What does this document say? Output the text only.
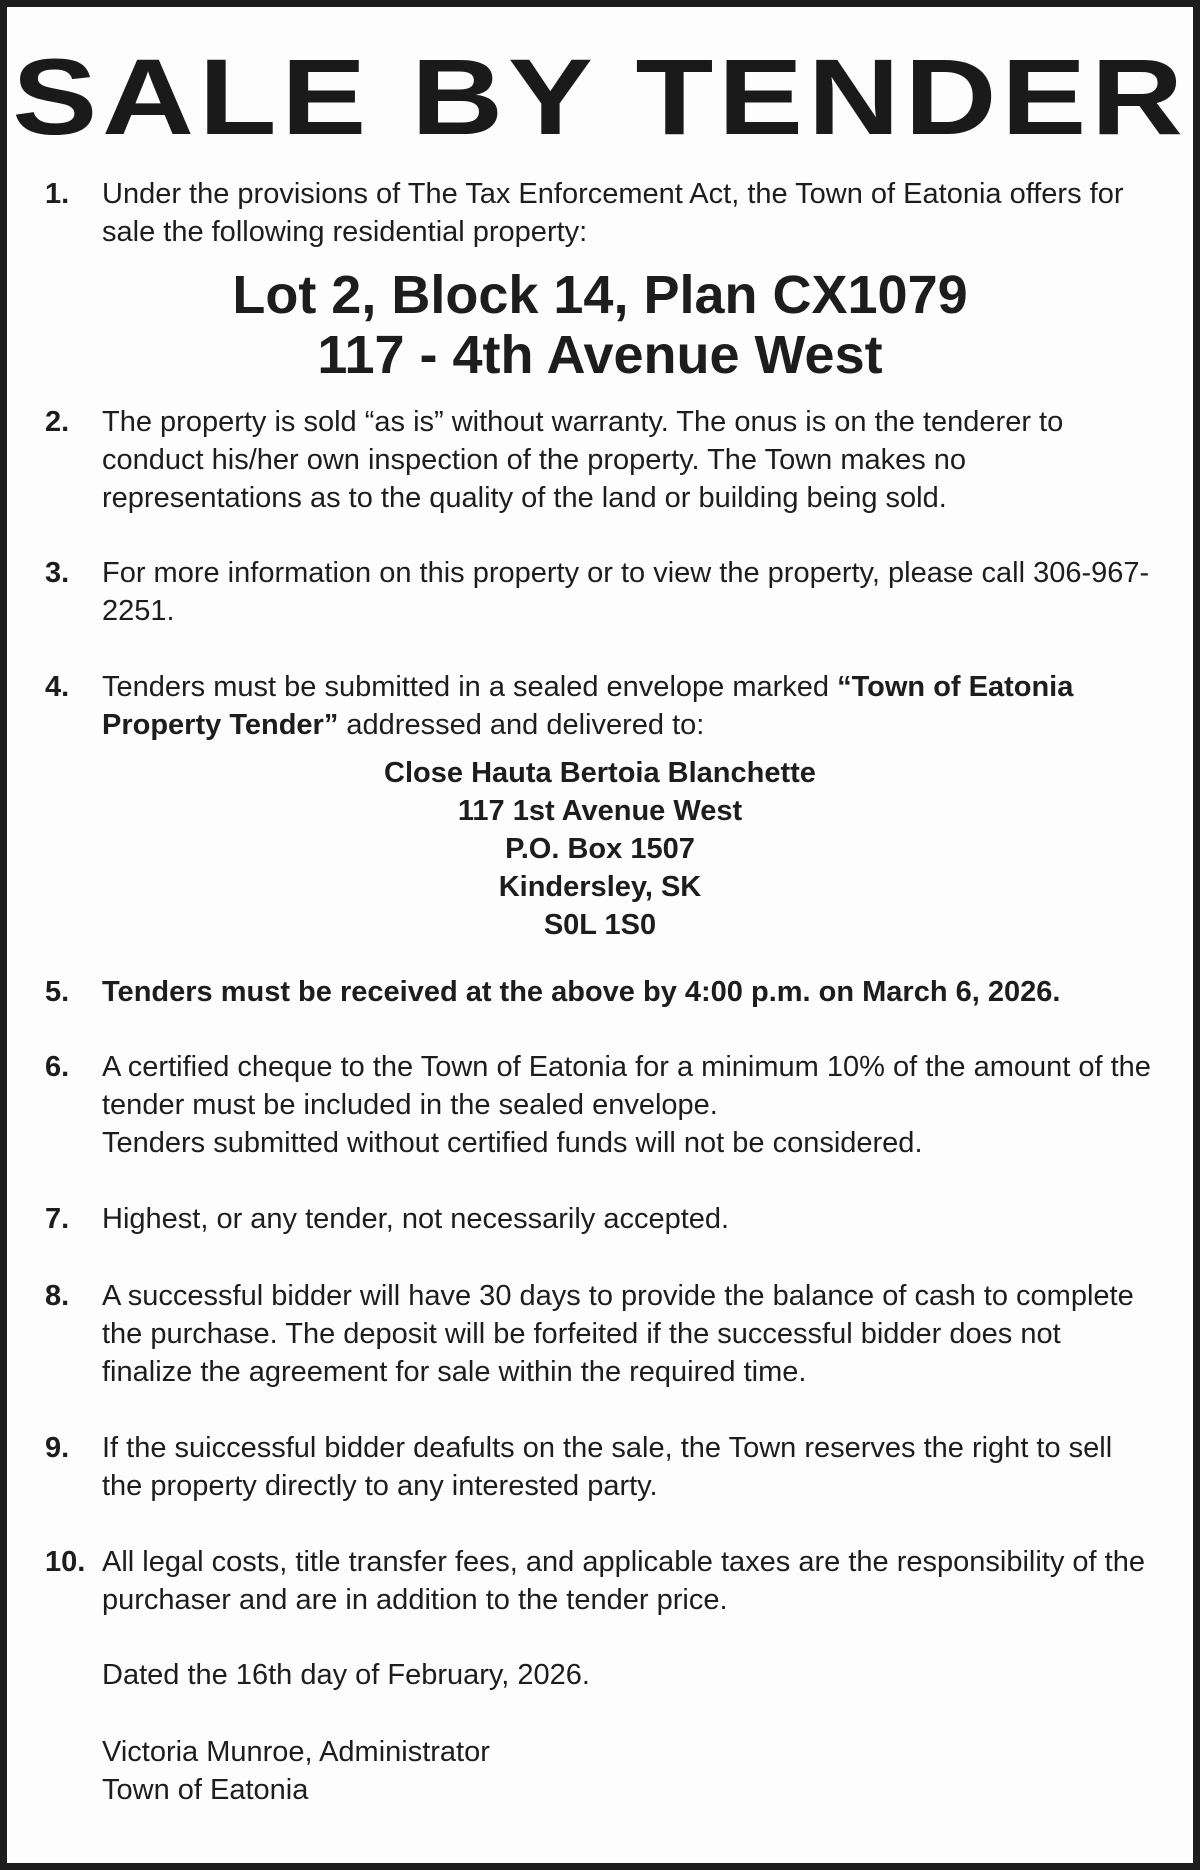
SALE BY TENDER
1.	Under the provisions of The Tax Enforcement Act, the Town of Eatonia offers for sale the following residential property:

Lot 2, Block 14, Plan CX1079
117 - 4th Avenue West
2.	The property is sold “as is” without warranty. The onus is on the tenderer to conduct his/her own inspection of the property. The Town makes no representations as to the quality of the land or building being sold.

3.	For more information on this property or to view the property, please call 306-967-2251.

4.	Tenders must be submitted in a sealed envelope marked “Town of Eatonia Property Tender” addressed and delivered to:

Close Hauta Bertoia Blanchette
117 1st Avenue West
P.O. Box 1507
Kindersley, SK
S0L 1S0
5.	Tenders must be received at the above by 4:00 p.m. on March 6, 2026.

6.	A certified cheque to the Town of Eatonia for a minimum 10% of the amount of the tender must be included in the sealed envelope.

Tenders submitted without certified funds will not be considered.

7.	Highest, or any tender, not necessarily accepted.

8.	A successful bidder will have 30 days to provide the balance of cash to complete the purchase. The deposit will be forfeited if the successful bidder does not finalize the agreement for sale within the required time.

9.	If the suiccessful bidder deafults on the sale, the Town reserves the right to sell the property directly to any interested party.

10. All legal costs, title transfer fees, and applicable taxes are the responsibility of the purchaser and are in addition to the tender price.

Dated the 16th day of February, 2026.
Victoria Munroe, Administrator
Town of Eatonia
